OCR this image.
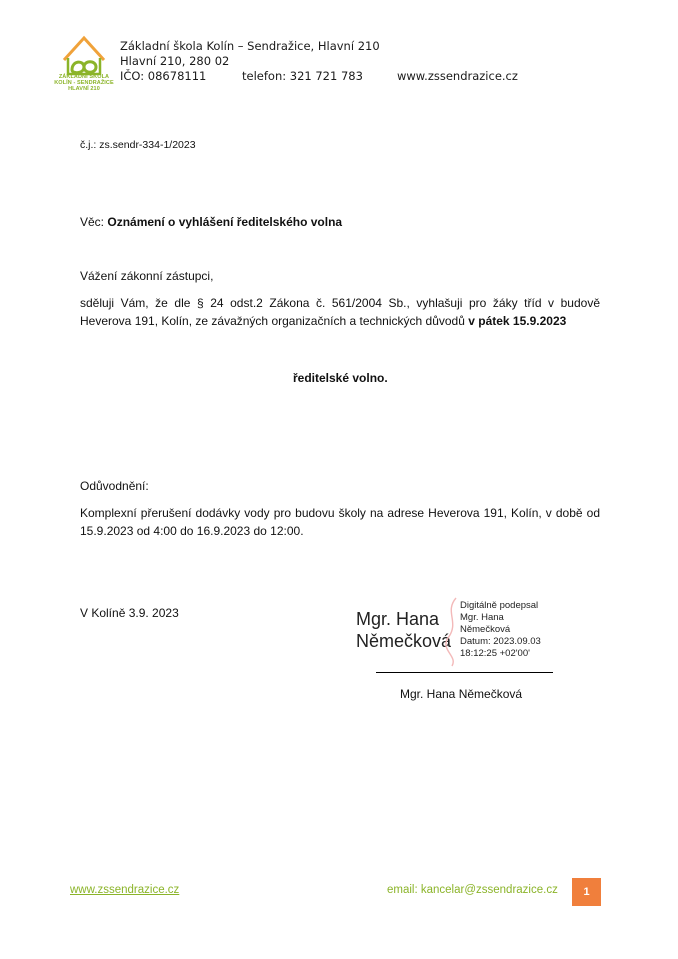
ZÁKLADNÍ ŠKOLA
KOLÍN - SENDRAŽICE
HLAVNÍ 210
Základní škola Kolín – Sendražice, Hlavní 210
Hlavní 210, 280 02
IČO: 08678111	telefon: 321 721 783	www.zssendrazice.cz
č.j.: zs.sendr-334-1/2023
Věc: Oznámení o vyhlášení ředitelského volna
Vážení zákonní zástupci,
sděluji Vám, že dle § 24 odst.2 Zákona č. 561/2004 Sb., vyhlašuji pro žáky tříd v budově Heverova 191, Kolín, ze závažných organizačních a technických důvodů v pátek 15.9.2023
ředitelské volno.
Odůvodnění:
Komplexní přerušení dodávky vody pro budovu školy na adrese Heverova 191, Kolín, v době od 15.9.2023 od 4:00 do 16.9.2023 do 12:00.
V Kolíně 3.9. 2023	Mgr. Hana
Němečková
Digitálně podepsal
Mgr. Hana
Němečková
Datum: 2023.09.03
18:12:25 +02'00'
Mgr. Hana Němečková
www.zssendrazice.cz	email: kancelar@zssendrazice.cz	1
